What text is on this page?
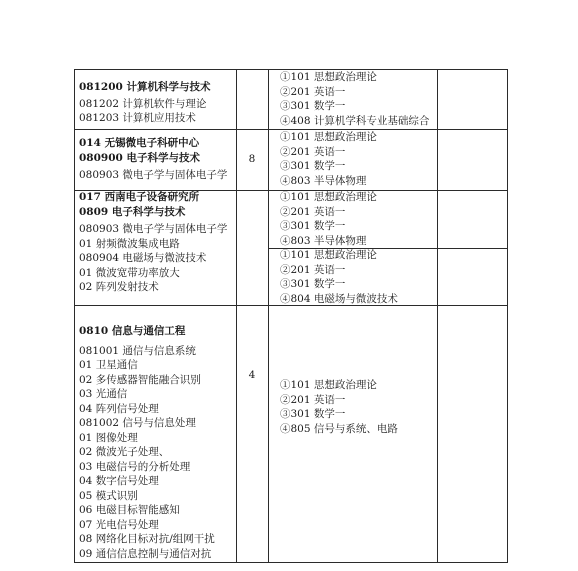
081200 计算机科学与技术
081202 计算机软件与理论
081203 计算机应用技术
①101 思想政治理论
②201 英语一
③301 数学一
④408 计算机学科专业基础综合
014 无锡微电子科研中心
080900 电子科学与技术
080903 微电子学与固体电子学
8
①101 思想政治理论
②201 英语一
③301 数学一
④803 半导体物理
017 西南电子设备研究所
0809 电子科学与技术
080903 微电子学与固体电子学
01 射频微波集成电路
080904 电磁场与微波技术
01 微波宽带功率放大
02 阵列发射技术
①101 思想政治理论
②201 英语一
③301 数学一
④803 半导体物理
①101 思想政治理论
②201 英语一
③301 数学一
④804 电磁场与微波技术
0810 信息与通信工程
081001 通信与信息系统
01 卫星通信
02 多传感器智能融合识别
03 光通信
04 阵列信号处理
081002 信号与信息处理
01 图像处理
02 微波光子处理、
03 电磁信号的分析处理
04 数字信号处理
05 模式识别
06 电磁目标智能感知
07 光电信号处理
08 网络化目标对抗/组网干扰
09 通信信息控制与通信对抗
4
①101 思想政治理论
②201 英语一
③301 数学一
④805 信号与系统、电路
